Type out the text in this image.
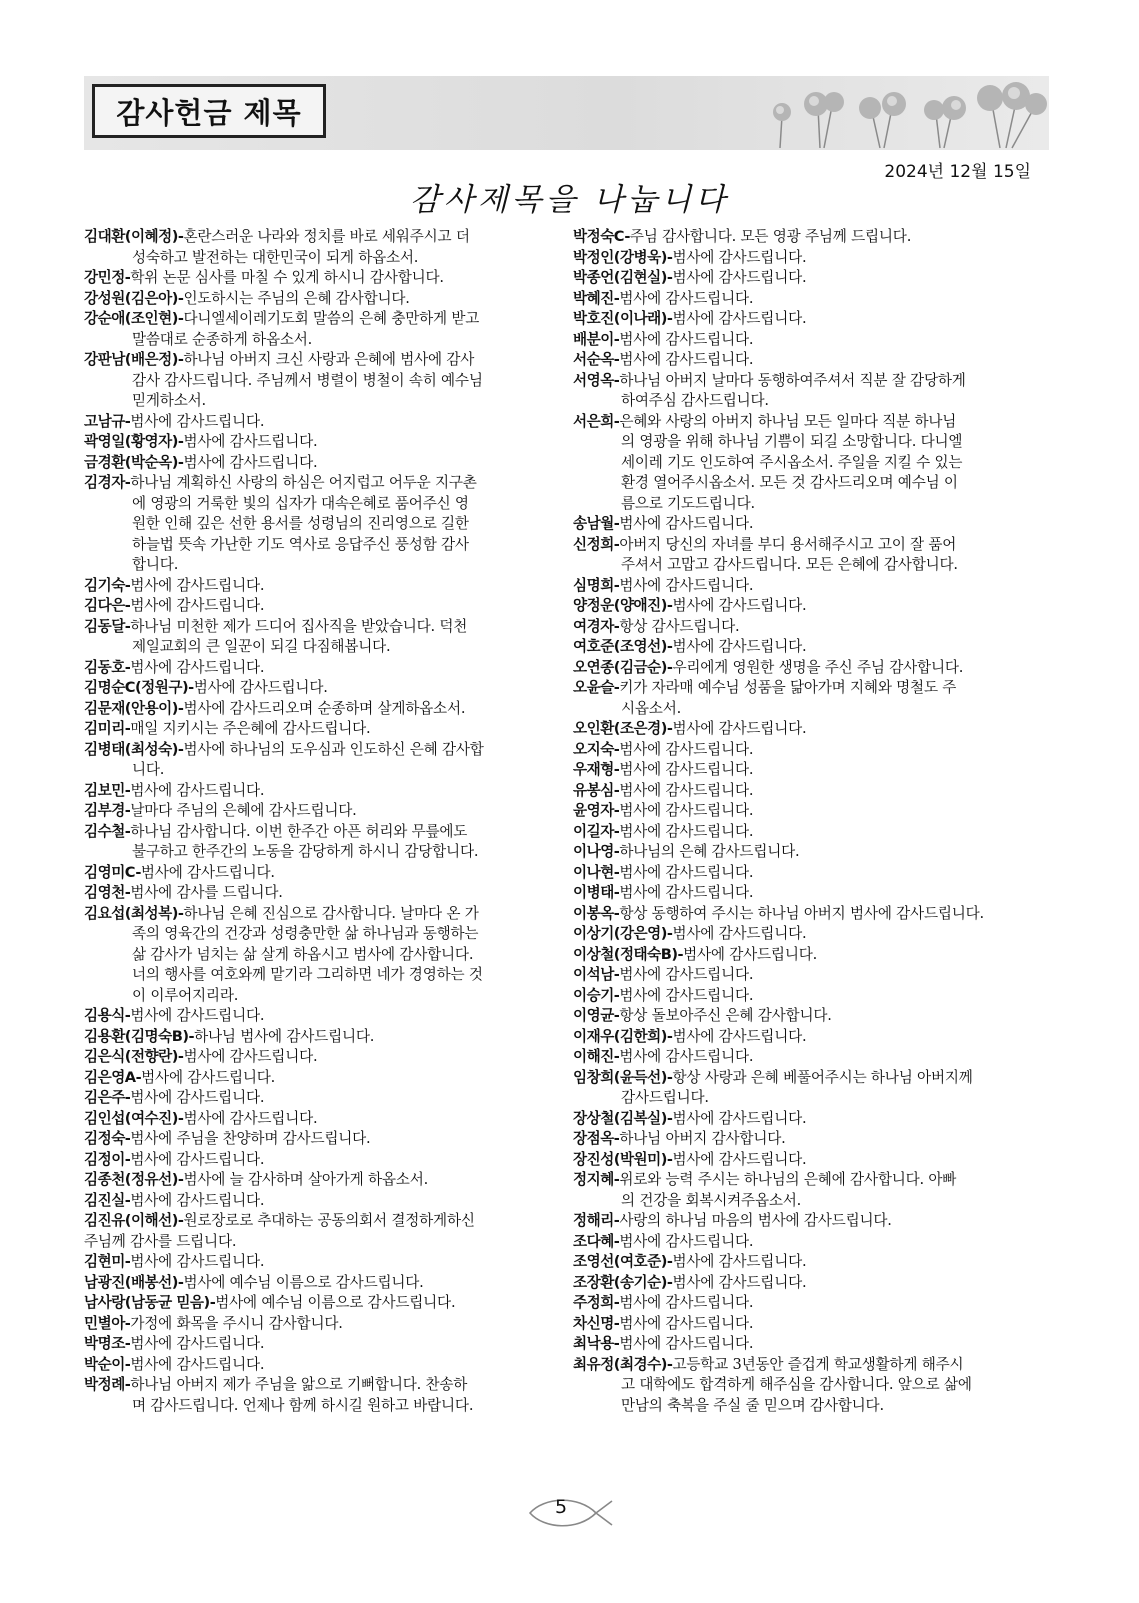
감사헌금 제목
2024년 12월 15일
감사제목을 나눕니다
김대환(이혜정)-혼란스러운 나라와 정치를 바로 세워주시고 더
성숙하고 발전하는 대한민국이 되게 하옵소서.
강민정-학위 논문 심사를 마칠 수 있게 하시니 감사합니다.
강성원(김은아)-인도하시는 주님의 은혜 감사합니다.
강순애(조인현)-다니엘세이레기도회 말씀의 은혜 충만하게 받고
말씀대로 순종하게 하옵소서.
강판남(배은정)-하나님 아버지 크신 사랑과 은혜에 범사에 감사
감사 감사드립니다. 주님께서 병렬이 병철이 속히 예수님
믿게하소서.
고남규-범사에 감사드립니다.
곽영일(황영자)-범사에 감사드립니다.
금경환(박순옥)-범사에 감사드립니다.
김경자-하나님 계획하신 사랑의 하심은 어지럽고 어두운 지구촌
에 영광의 거룩한 빛의 십자가 대속은혜로 품어주신 영
원한 인해 깊은 선한 용서를 성령님의 진리영으로 길한
하늘법 뜻속 가난한 기도 역사로 응답주신 풍성함 감사
합니다.
김기숙-범사에 감사드립니다.
김다은-범사에 감사드립니다.
김동달-하나님 미천한 제가 드디어 집사직을 받았습니다. 덕천
제일교회의 큰 일꾼이 되길 다짐해봅니다.
김동호-범사에 감사드립니다.
김명순C(정원구)-범사에 감사드립니다.
김문재(안용이)-범사에 감사드리오며 순종하며 살게하옵소서.
김미리-매일 지키시는 주은혜에 감사드립니다.
김병태(최성숙)-범사에 하나님의 도우심과 인도하신 은혜 감사합
니다.
김보민-범사에 감사드립니다.
김부경-날마다 주님의 은혜에 감사드립니다.
김수철-하나님 감사합니다. 이번 한주간 아픈 허리와 무릎에도
불구하고 한주간의 노동을 감당하게 하시니 감당합니다.
김영미C-범사에 감사드립니다.
김영천-범사에 감사를 드립니다.
김요섭(최성복)-하나님 은혜 진심으로 감사합니다. 날마다 온 가
족의 영육간의 건강과 성령충만한 삶 하나님과 동행하는
삶 감사가 넘치는 삶 살게 하옵시고 범사에 감사합니다.
너의 행사를 여호와께 맡기라 그리하면 네가 경영하는 것
이 이루어지리라.
김용식-범사에 감사드립니다.
김용환(김명숙B)-하나님 범사에 감사드립니다.
김은식(전향란)-범사에 감사드립니다.
김은영A-범사에 감사드립니다.
김은주-범사에 감사드립니다.
김인섭(여수진)-범사에 감사드립니다.
김정숙-범사에 주님을 찬양하며 감사드립니다.
김정이-범사에 감사드립니다.
김종천(정유선)-범사에 늘 감사하며 살아가게 하옵소서.
김진실-범사에 감사드립니다.
김진유(이해선)-원로장로로 추대하는 공동의회서 결정하게하신
주님께 감사를 드립니다.
김현미-범사에 감사드립니다.
남광진(배봉선)-범사에 예수님 이름으로 감사드립니다.
남사랑(남동균 믿음)-범사에 예수님 이름으로 감사드립니다.
민별아-가정에 화목을 주시니 감사합니다.
박명조-범사에 감사드립니다.
박순이-범사에 감사드립니다.
박정례-하나님 아버지 제가 주님을 앎으로 기뻐합니다. 찬송하
며 감사드립니다. 언제나 함께 하시길 원하고 바랍니다.
박정숙C-주님 감사합니다. 모든 영광 주님께 드립니다.
박정인(강병욱)-범사에 감사드립니다.
박종언(김현실)-범사에 감사드립니다.
박혜진-범사에 감사드립니다.
박호진(이나래)-범사에 감사드립니다.
배분이-범사에 감사드립니다.
서순옥-범사에 감사드립니다.
서영옥-하나님 아버지 날마다 동행하여주셔서 직분 잘 감당하게
하여주심 감사드립니다.
서은희-은혜와 사랑의 아버지 하나님 모든 일마다 직분 하나님
의 영광을 위해 하나님 기쁨이 되길 소망합니다. 다니엘
세이레 기도 인도하여 주시옵소서. 주일을 지킬 수 있는
환경 열어주시옵소서. 모든 것 감사드리오며 예수님 이
름으로 기도드립니다.
송남월-범사에 감사드립니다.
신정희-아버지 당신의 자녀를 부디 용서해주시고 고이 잘 품어
주셔서 고맙고 감사드립니다. 모든 은혜에 감사합니다.
심명희-범사에 감사드립니다.
양정운(양애진)-범사에 감사드립니다.
여경자-항상 감사드립니다.
여호준(조영선)-범사에 감사드립니다.
오연종(김금순)-우리에게 영원한 생명을 주신 주님 감사합니다.
오윤슬-키가 자라매 예수님 성품을 닮아가며 지혜와 명철도 주
시옵소서.
오인환(조은경)-범사에 감사드립니다.
오지숙-범사에 감사드립니다.
우재형-범사에 감사드립니다.
유봉심-범사에 감사드립니다.
윤영자-범사에 감사드립니다.
이길자-범사에 감사드립니다.
이나영-하나님의 은혜 감사드립니다.
이나현-범사에 감사드립니다.
이병태-범사에 감사드립니다.
이봉옥-항상 동행하여 주시는 하나님 아버지 범사에 감사드립니다.
이상기(강은영)-범사에 감사드립니다.
이상철(정태숙B)-범사에 감사드립니다.
이석남-범사에 감사드립니다.
이승기-범사에 감사드립니다.
이영균-항상 돌보아주신 은혜 감사합니다.
이재우(김한희)-범사에 감사드립니다.
이해진-범사에 감사드립니다.
임창희(윤득선)-항상 사랑과 은혜 베풀어주시는 하나님 아버지께
감사드립니다.
장상철(김복실)-범사에 감사드립니다.
장점옥-하나님 아버지 감사합니다.
장진성(박원미)-범사에 감사드립니다.
정지혜-위로와 능력 주시는 하나님의 은혜에 감사합니다. 아빠
의 건강을 회복시켜주옵소서.
정해리-사랑의 하나님 마음의 범사에 감사드립니다.
조다혜-범사에 감사드립니다.
조영선(여호준)-범사에 감사드립니다.
조장환(송기순)-범사에 감사드립니다.
주정희-범사에 감사드립니다.
차신명-범사에 감사드립니다.
최낙용-범사에 감사드립니다.
최유정(최경수)-고등학교 3년동안 즐겁게 학교생활하게 해주시
고 대학에도 합격하게 해주심을 감사합니다. 앞으로 삶에
만남의 축복을 주실 줄 믿으며 감사합니다.
5
